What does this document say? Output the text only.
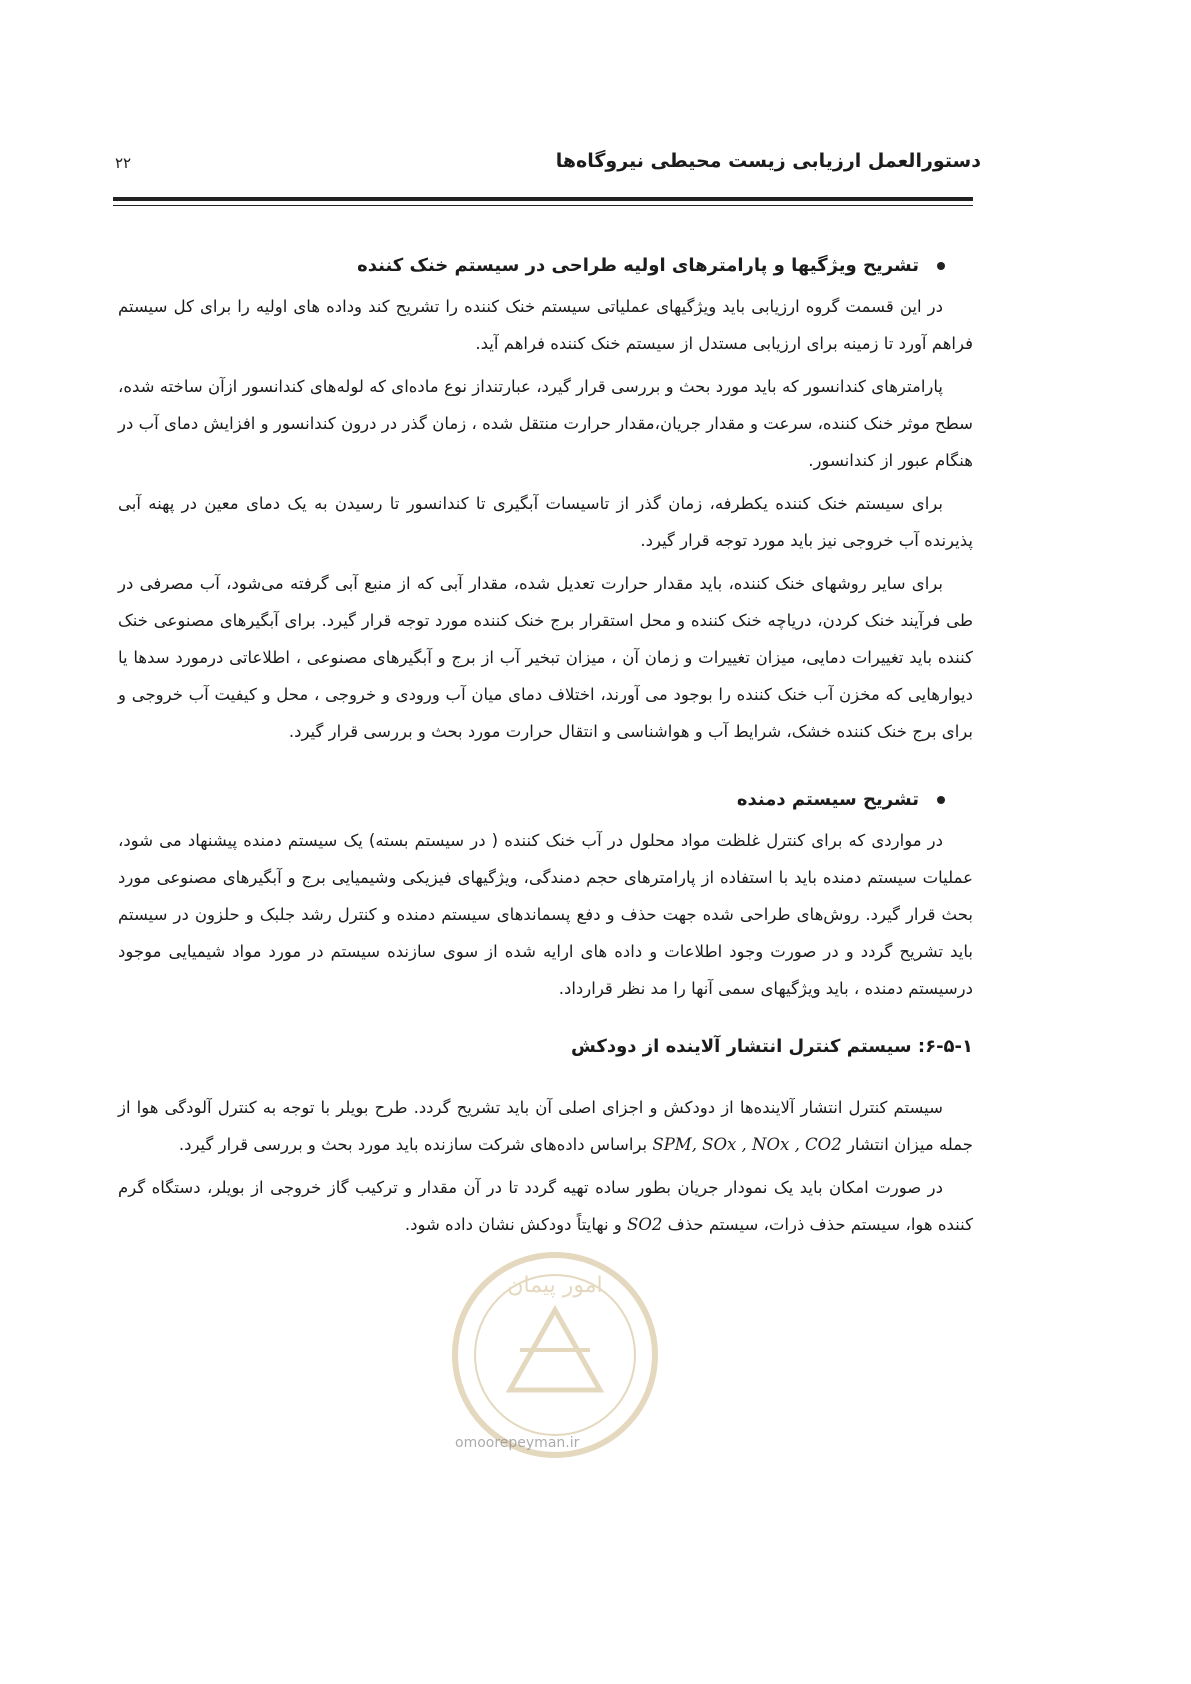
دستورالعمل ارزیابی زیست محیطی نیروگاه‌ها
۲۲
تشریح ویژگیها و پارامترهای اولیه طراحی در سیستم خنک کننده

در این قسمت گروه ارزیابی باید ویژگیهای عملیاتی سیستم خنک کننده را تشریح کند وداده های اولیه را برای کل سیستم فراهم آورد تا زمینه برای ارزیابی مستدل از سیستم خنک کننده فراهم آید.

پارامترهای کندانسور که باید مورد بحث و بررسی قرار گیرد، عبارتنداز نوع ماده‌ای که لوله‌های کندانسور ازآن ساخته شده، سطح موثر خنک کننده، سرعت و مقدار جریان،مقدار حرارت منتقل شده ، زمان گذر در درون کندانسور و افزایش دمای آب در هنگام عبور از کندانسور.

برای سیستم خنک کننده یکطرفه، زمان گذر از تاسیسات آبگیری تا کندانسور تا رسیدن به یک دمای معین در پهنه آبی پذیرنده آب خروجی نیز باید مورد توجه قرار گیرد.

برای سایر روشهای خنک کننده، باید مقدار حرارت تعدیل شده، مقدار آبی که از منبع آبی گرفته می‌شود، آب مصرفی در طی فرآیند خنک کردن، دریاچه خنک کننده و محل استقرار برج خنک کننده مورد توجه قرار گیرد. برای آبگیرهای مصنوعی خنک کننده باید تغییرات دمایی، میزان تغییرات و زمان آن ، میزان تبخیر آب از برج و آبگیرهای مصنوعی ، اطلاعاتی درمورد سدها یا دیوارهایی که مخزن آب خنک کننده را بوجود می آورند، اختلاف دمای میان آب ورودی و خروجی ، محل و کیفیت آب خروجی و برای برج خنک کننده خشک، شرایط آب و هواشناسی و انتقال حرارت مورد بحث و بررسی قرار گیرد.

تشریح سیستم دمنده

در مواردی که برای کنترل غلظت مواد محلول در آب خنک کننده ( در سیستم بسته) یک سیستم دمنده پیشنهاد می شود، عملیات سیستم دمنده باید با استفاده از پارامترهای حجم دمندگی، ویژگیهای فیزیکی وشیمیایی برج و آبگیرهای مصنوعی مورد بحث قرار گیرد. روش‌های طراحی شده جهت حذف و دفع پسماندهای سیستم دمنده و کنترل رشد جلبک و حلزون در سیستم باید تشریح گردد و در صورت وجود اطلاعات و داده های ارایه شده از سوی سازنده سیستم در مورد مواد شیمیایی موجود درسیستم دمنده ، باید ویژگیهای سمی آنها را مد نظر قرارداد.

۶-۵-۱: سیستم کنترل انتشار آلاینده از دودکش

سیستم کنترل انتشار آلاینده‌ها از دودکش و اجزای اصلی آن باید تشریح گردد. طرح بویلر با توجه به کنترل آلودگی هوا از جمله میزان انتشار SPM, SOx , NOx , CO2 براساس داده‌های شرکت سازنده باید مورد بحث و بررسی قرار گیرد.

در صورت امکان باید یک نمودار جریان بطور ساده تهیه گردد تا در آن مقدار و ترکیب گاز خروجی از بویلر، دستگاه گرم کننده هوا، سیستم حذف ذرات، سیستم حذف SO2 و نهایتاً دودکش نشان داده شود.

امور پیمان
omoorepeyman.ir
